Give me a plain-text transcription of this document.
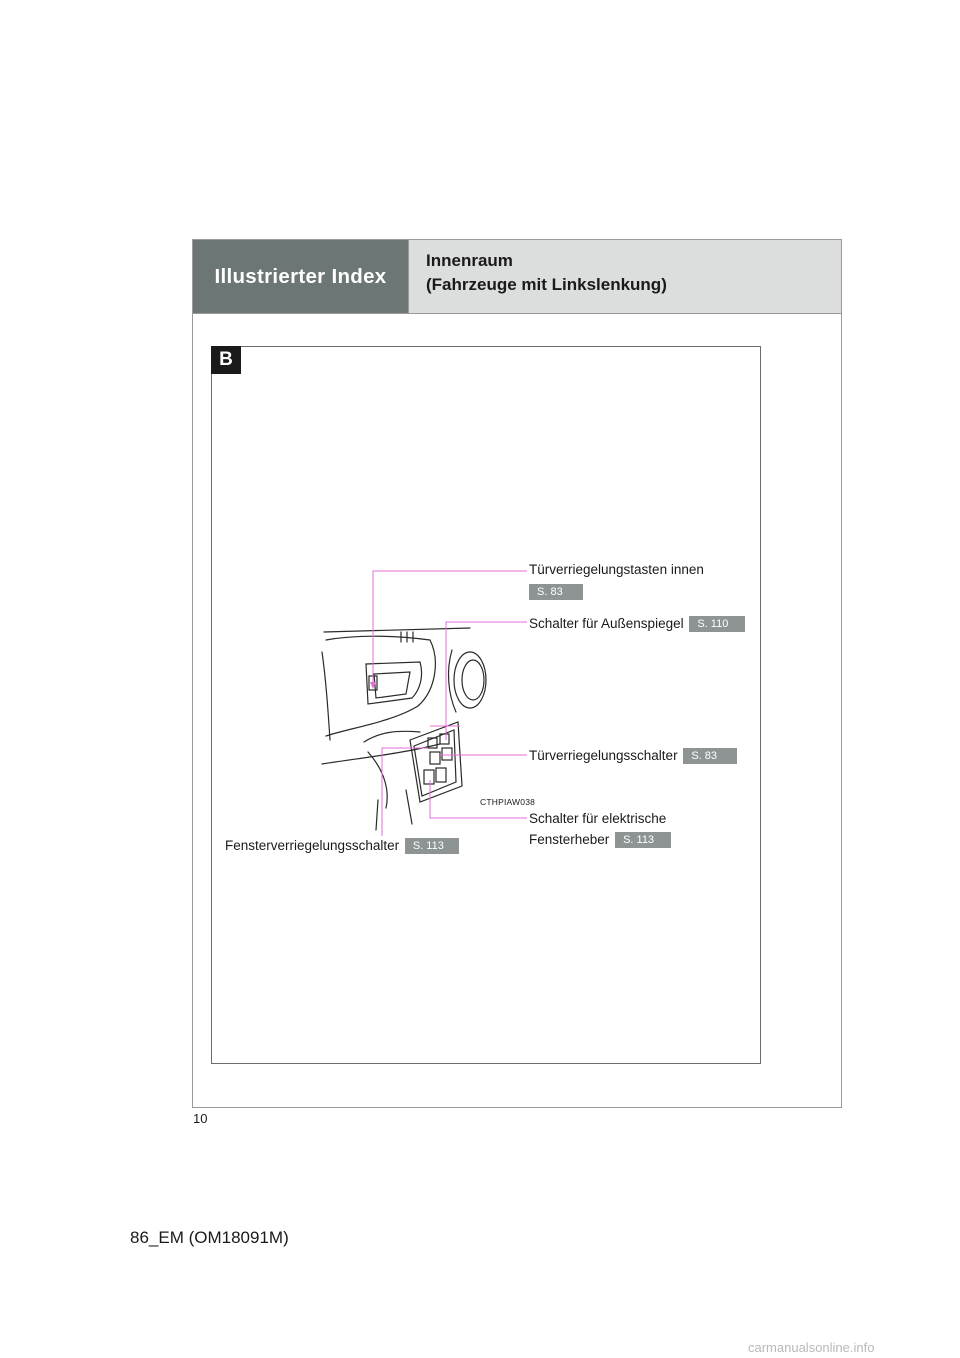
Illustrierter Index
Innenraum
(Fahrzeuge mit Linkslenkung)
B
Türverriegelungstasten innen
S. 83
Schalter für Außenspiegel S. 110
Türverriegelungsschalter S. 83
Schalter für elektrische
Fensterheber S. 113
Fensterverriegelungsschalter S. 113
CTHPIAW038
10
86_EM (OM18091M)
carmanualsonline.info
